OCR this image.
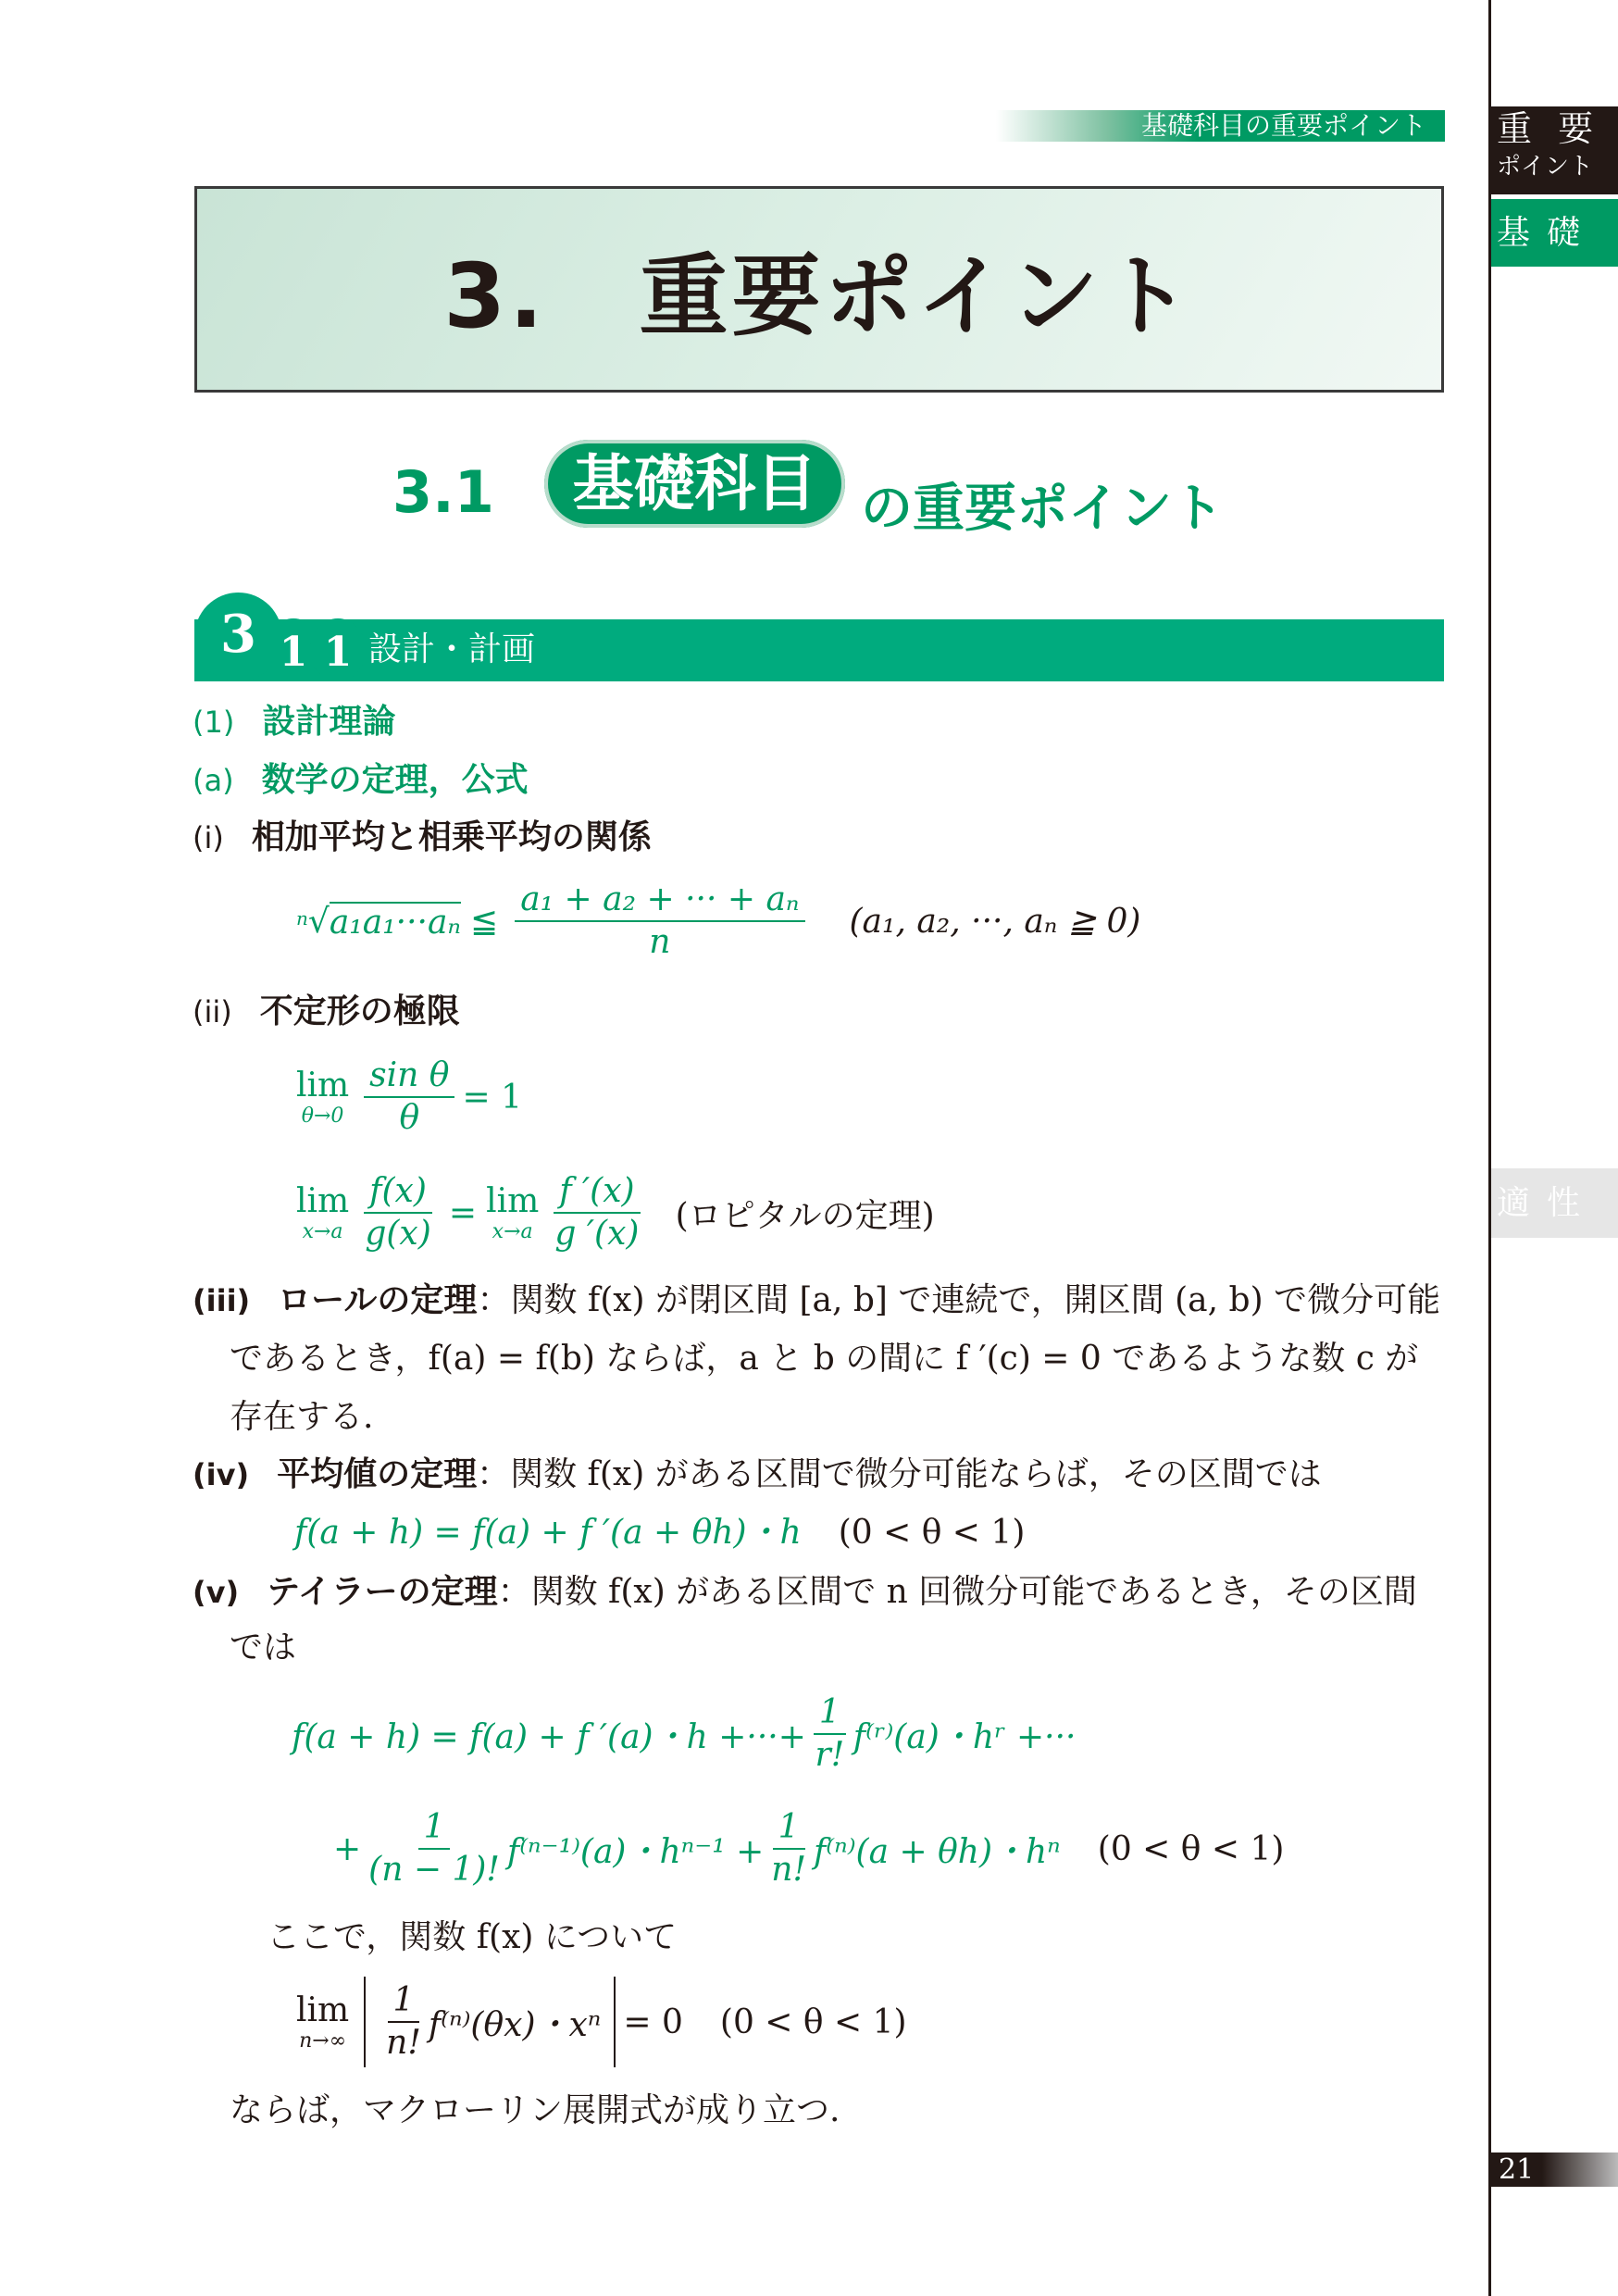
基礎科目の重要ポイント	重 要
ポイント
基礎
適性
3.　重要ポイント
3.1	基礎科目 の重要ポイント
3 1 1 設計・計画
(1) 設計理論
(a) 数学の定理，公式
(i) 相加平均と相乗平均の関係
n √ a₁a₁···aₙ ≦ $\frac{\text{a₁ + a₂ + ··· + aₙ}}{n} (a_1$, a₂, ···, aₙ ≧ 0)
(ii) 不定形の極限
lim
$\theta\to 0 \frac{\text{sin θ}}{\theta} = 1$
lim
$x\to a \frac{f(x)}{g(x)} = \lim$
$x\to a \frac{f '(x)}{g '(x)}$ (ロピタルの定理)
(iii) ロールの定理：関数 f(x) が閉区間 [a, b] で連続で，開区間 (a, b) で微分可能
であるとき，f(a) = f(b) ならば，a と b の間に f ′(c) = 0 であるような数 c が
存在する.
(iv) 平均値の定理：関数 f(x) がある区間で微分可能ならば，その区間では
f(a + h) = f(a) + f ′(a + θh)・h (0 < θ < 1)
(v) テイラーの定理：関数 f(x) がある区間で n 回微分可能であるとき，その区間
では
f(a + h) = f(a) + f ′(a)・h +···+ $\frac{1}{r!}$ f⁽ʳ⁾(a)・hʳ +···
+ $\frac{1}{(n - 1)!} f^{(n-1)}(a)$・$h^{n-1} + \frac{1}{n!} f^{(n)}(a + \theta h)$・hⁿ (0 < θ < 1)
ここで，関数 f(x) について
lim
$n\to\infty \frac{1}{n!} f^{(n)}(\theta x)$・xⁿ = 0 (0 < θ < 1)
ならば，マクローリン展開式が成り立つ.
21
